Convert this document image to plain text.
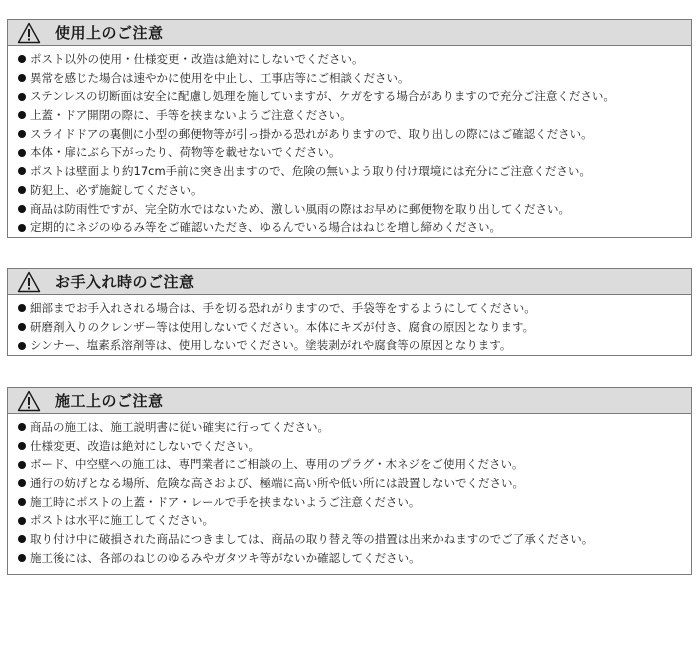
使用上のご注意
ポスト以外の使用・仕様変更・改造は絶対にしないでください。
異常を感じた場合は速やかに使用を中止し、工事店等にご相談ください。
ステンレスの切断面は安全に配慮し処理を施していますが、ケガをする場合がありますので充分ご注意ください。
上蓋・ドア開閉の際に、手等を挟まないようご注意ください。
スライドドアの裏側に小型の郵便物等が引っ掛かる恐れがありますので、取り出しの際にはご確認ください。
本体・扉にぶら下がったり、荷物等を載せないでください。
ポストは壁面より約17cm手前に突き出ますので、危険の無いよう取り付け環境には充分にご注意ください。
防犯上、必ず施錠してください。
商品は防雨性ですが、完全防水ではないため、激しい風雨の際はお早めに郵便物を取り出してください。
定期的にネジのゆるみ等をご確認いただき、ゆるんでいる場合はねじを増し締めください。
お手入れ時のご注意
細部までお手入れされる場合は、手を切る恐れがりますので、手袋等をするようにしてください。
研磨剤入りのクレンザー等は使用しないでください。本体にキズが付き、腐食の原因となります。
シンナー、塩素系溶剤等は、使用しないでください。塗装剥がれや腐食等の原因となります。
施工上のご注意
商品の施工は、施工説明書に従い確実に行ってください。
仕様変更、改造は絶対にしないでください。
ボード、中空壁への施工は、専門業者にご相談の上、専用のプラグ・木ネジをご使用ください。
通行の妨げとなる場所、危険な高さおよび、極端に高い所や低い所には設置しないでください。
施工時にポストの上蓋・ドア・レールで手を挟まないようご注意ください。
ポストは水平に施工してください。
取り付け中に破損された商品につきましては、商品の取り替え等の措置は出来かねますのでご了承ください。
施工後には、各部のねじのゆるみやガタツキ等がないか確認してください。
